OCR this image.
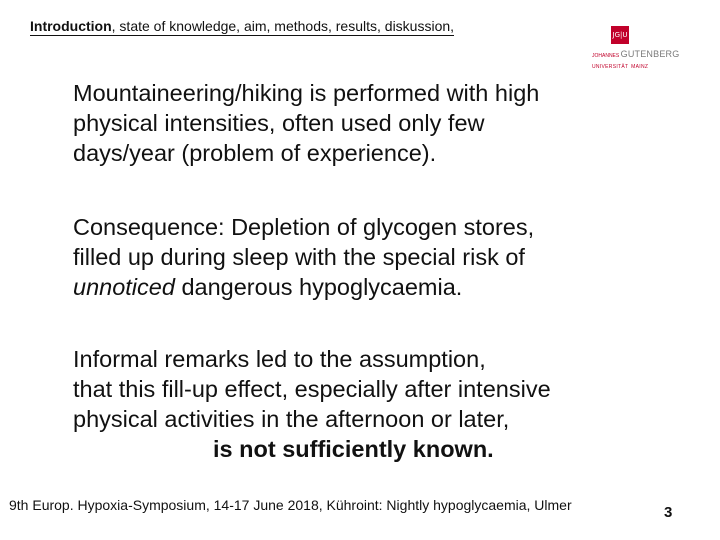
Introduction, state of knowledge, aim, methods, results, diskussion,
JG|U
JOHANNES GUTENBERG
UNIVERSITÄT MAINZ
Mountaineering/hiking is performed with high
physical intensities, often used only few
days/year (problem of experience).
Consequence: Depletion of glycogen stores,
filled up during sleep with the special risk of
unnoticed dangerous hypoglycaemia.
Informal remarks led to the assumption,
that this fill-up effect, especially after intensive
physical activities in the afternoon or later,
is not sufficiently known.
9th Europ. Hypoxia-Symposium, 14-17 June 2018, Kühroint: Nightly hypoglycaemia, Ulmer	3
